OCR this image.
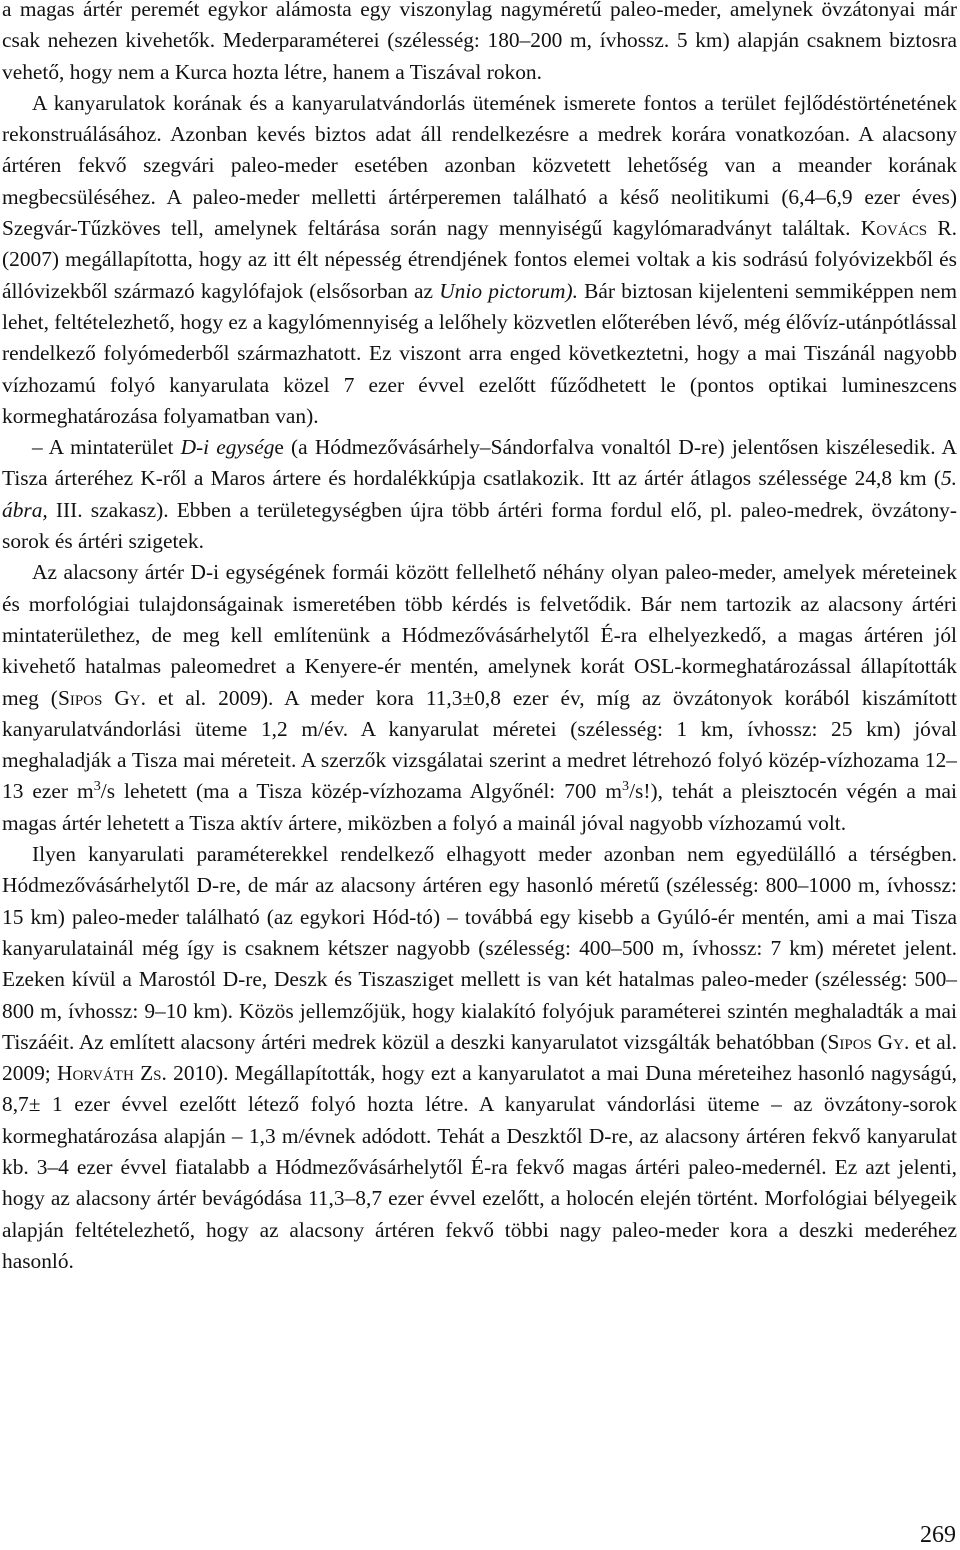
a magas ártér peremét egykor alámosta egy viszonylag nagyméretű paleo-meder, amelynek övzátonyai már csak nehezen kivehetők. Mederparaméterei (szélesség: 180–200 m, ívhossz. 5 km) alapján csaknem biztosra vehető, hogy nem a Kurca hozta létre, hanem a Tiszával rokon.

A kanyarulatok korának és a kanyarulatvándorlás ütemének ismerete fontos a terület fejlődéstörténetének rekonstruálásához. Azonban kevés biztos adat áll rendelkezésre a medrek korára vonatkozóan. A alacsony ártéren fekvő szegvári paleo-meder esetében azonban közvetett lehetőség van a meander korának megbecsüléséhez. A paleo-meder melletti ártérperemen található a késő neolitikumi (6,4–6,9 ezer éves) Szegvár-Tűzköves tell, amelynek feltárása során nagy mennyiségű kagylómaradványt találtak. Kovács R. (2007) megállapította, hogy az itt élt népesség étrendjének fontos elemei voltak a kis sodrású folyóvizekből és állóvizekből származó kagylófajok (elsősorban az Unio pictorum). Bár biztosan kijelenteni semmiképpen nem lehet, feltételezhető, hogy ez a kagylómennyiség a lelőhely közvetlen előterében lévő, még élővíz-utánpótlással rendelkező folyómederből származhatott. Ez viszont arra enged következtetni, hogy a mai Tiszánál nagyobb vízhozamú folyó kanyarulata közel 7 ezer évvel ezelőtt fűződhetett le (pontos optikai lumineszcens kormeghatározása folyamatban van).

– A mintaterület D-i egysége (a Hódmezővásárhely–Sándorfalva vonaltól D-re) jelentősen kiszélesedik. A Tisza árteréhez K-ről a Maros ártere és hordalékkúpja csatlakozik. Itt az ártér átlagos szélessége 24,8 km (5. ábra, III. szakasz). Ebben a területegységben újra több ártéri forma fordul elő, pl. paleo-medrek, övzátony-sorok és ártéri szigetek.

Az alacsony ártér D-i egységének formái között fellelhető néhány olyan paleo-meder, amelyek méreteinek és morfológiai tulajdonságainak ismeretében több kérdés is felvetődik. Bár nem tartozik az alacsony ártéri mintaterülethez, de meg kell említenünk a Hódmezővásárhelytől É-ra elhelyezkedő, a magas ártéren jól kivehető hatalmas paleomedret a Kenyere-ér mentén, amelynek korát OSL-kormeghatározással állapították meg (Sipos Gy. et al. 2009). A meder kora 11,3±0,8 ezer év, míg az övzátonyok korából kiszámított kanyarulatvándorlási üteme 1,2 m/év. A kanyarulat méretei (szélesség: 1 km, ívhossz: 25 km) jóval meghaladják a Tisza mai méreteit. A szerzők vizsgálatai szerint a medret létrehozó folyó közép-vízhozama 12–13 ezer $m^3/s$ lehetett (ma a Tisza közép-vízhozama Algyőnél: 700 $m^3/s$!), tehát a pleisztocén végén a mai magas ártér lehetett a Tisza aktív ártere, miközben a folyó a mainál jóval nagyobb vízhozamú volt.

Ilyen kanyarulati paraméterekkel rendelkező elhagyott meder azonban nem egyedülálló a térségben. Hódmezővásárhelytől D-re, de már az alacsony ártéren egy hasonló méretű (szélesség: 800–1000 m, ívhossz: 15 km) paleo-meder található (az egykori Hód-tó) – továbbá egy kisebb a Gyúló-ér mentén, ami a mai Tisza kanyarulatainál még így is csaknem kétszer nagyobb (szélesség: 400–500 m, ívhossz: 7 km) méretet jelent. Ezeken kívül a Marostól D-re, Deszk és Tiszasziget mellett is van két hatalmas paleo-meder (szélesség: 500–800 m, ívhossz: 9–10 km). Közös jellemzőjük, hogy kialakító folyójuk paraméterei szintén meghaladták a mai Tiszáéit. Az említett alacsony ártéri medrek közül a deszki kanyarulatot vizsgálták behatóbban (Sipos Gy. et al. 2009; Horváth Zs. 2010). Megállapították, hogy ezt a kanyarulatot a mai Duna méreteihez hasonló nagyságú, 8,7± 1 ezer évvel ezelőtt létező folyó hozta létre. A kanyarulat vándorlási üteme – az övzátony-sorok kormeghatározása alapján – 1,3 m/évnek adódott. Tehát a Deszktől D-re, az alacsony ártéren fekvő kanyarulat kb. 3–4 ezer évvel fiatalabb a Hódmezővásárhelytől É-ra fekvő magas ártéri paleo-medernél. Ez azt jelenti, hogy az alacsony ártér bevágódása 11,3–8,7 ezer évvel ezelőtt, a holocén elején történt. Morfológiai bélyegeik alapján feltételezhető, hogy az alacsony ártéren fekvő többi nagy paleo-meder kora a deszki mederéhez hasonló.

269
